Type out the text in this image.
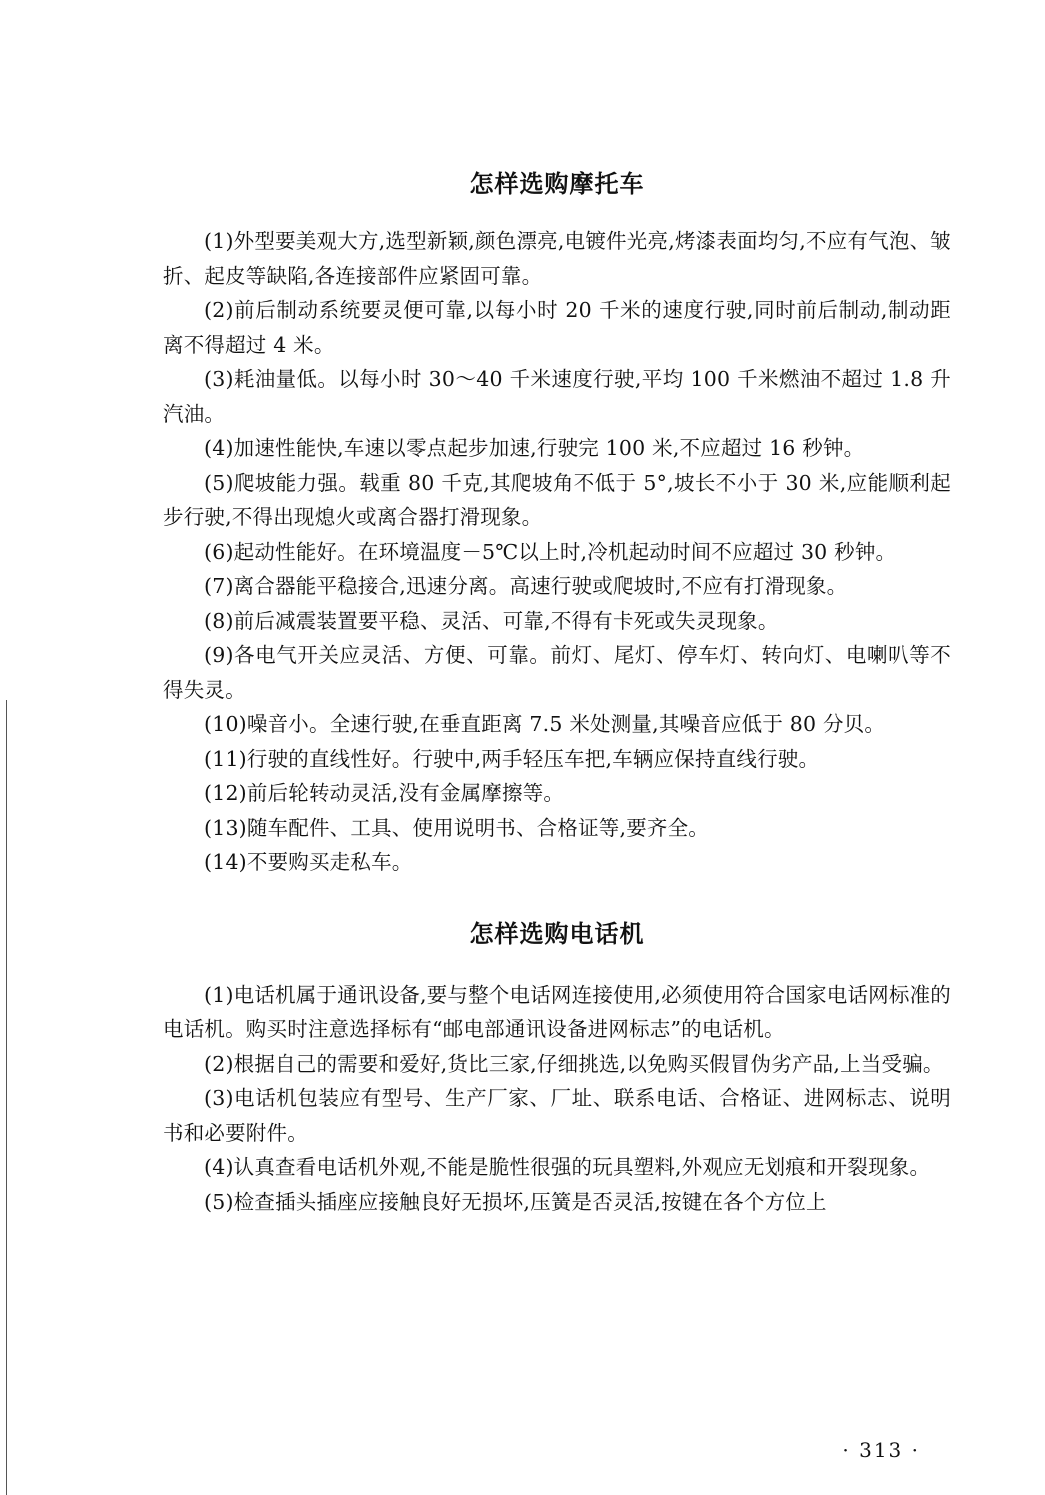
怎样选购摩托车

(1)外型要美观大方,选型新颖,颜色漂亮,电镀件光亮,烤漆表面均匀,不应有气泡、皱折、起皮等缺陷,各连接部件应紧固可靠。

(2)前后制动系统要灵便可靠,以每小时 20 千米的速度行驶,同时前后制动,制动距离不得超过 4 米。

(3)耗油量低。以每小时 30～40 千米速度行驶,平均 100 千米燃油不超过 1.8 升汽油。

(4)加速性能快,车速以零点起步加速,行驶完 100 米,不应超过 16 秒钟。

(5)爬坡能力强。载重 80 千克,其爬坡角不低于 5°,坡长不小于 30 米,应能顺利起步行驶,不得出现熄火或离合器打滑现象。

(6)起动性能好。在环境温度－5℃以上时,冷机起动时间不应超过 30 秒钟。

(7)离合器能平稳接合,迅速分离。高速行驶或爬坡时,不应有打滑现象。

(8)前后减震装置要平稳、灵活、可靠,不得有卡死或失灵现象。

(9)各电气开关应灵活、方便、可靠。前灯、尾灯、停车灯、转向灯、电喇叭等不得失灵。

(10)噪音小。全速行驶,在垂直距离 7.5 米处测量,其噪音应低于 80 分贝。

(11)行驶的直线性好。行驶中,两手轻压车把,车辆应保持直线行驶。

(12)前后轮转动灵活,没有金属摩擦等。

(13)随车配件、工具、使用说明书、合格证等,要齐全。

(14)不要购买走私车。

怎样选购电话机

(1)电话机属于通讯设备,要与整个电话网连接使用,必须使用符合国家电话网标准的电话机。购买时注意选择标有“邮电部通讯设备进网标志”的电话机。

(2)根据自己的需要和爱好,货比三家,仔细挑选,以免购买假冒伪劣产品,上当受骗。

(3)电话机包装应有型号、生产厂家、厂址、联系电话、合格证、进网标志、说明书和必要附件。

(4)认真查看电话机外观,不能是脆性很强的玩具塑料,外观应无划痕和开裂现象。

(5)检查插头插座应接触良好无损坏,压簧是否灵活,按键在各个方位上

· 313 ·
